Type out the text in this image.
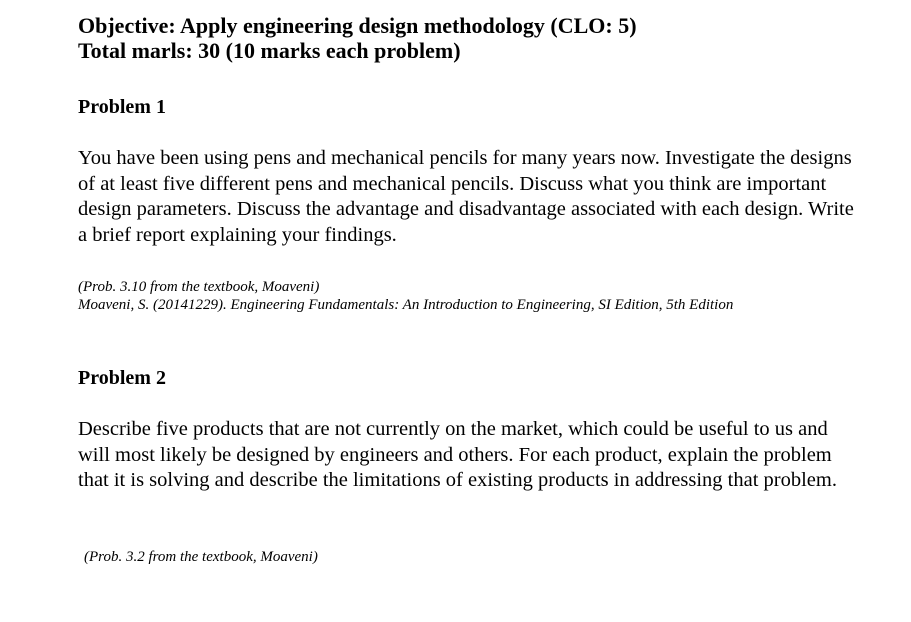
Objective: Apply engineering design methodology (CLO: 5)

Total marls: 30 (10 marks each problem)

Problem 1

You have been using pens and mechanical pencils for many years now. Investigate the designs of at least five different pens and mechanical pencils. Discuss what you think are important design parameters. Discuss the advantage and disadvantage associated with each design. Write a brief report explaining your findings.

(Prob. 3.10 from the textbook, Moaveni)

Moaveni, S. (20141229). Engineering Fundamentals: An Introduction to Engineering, SI Edition, 5th Edition

Problem 2

Describe five products that are not currently on the market, which could be useful to us and will most likely be designed by engineers and others. For each product, explain the problem that it is solving and describe the limitations of existing products in addressing that problem.

(Prob. 3.2 from the textbook, Moaveni)
